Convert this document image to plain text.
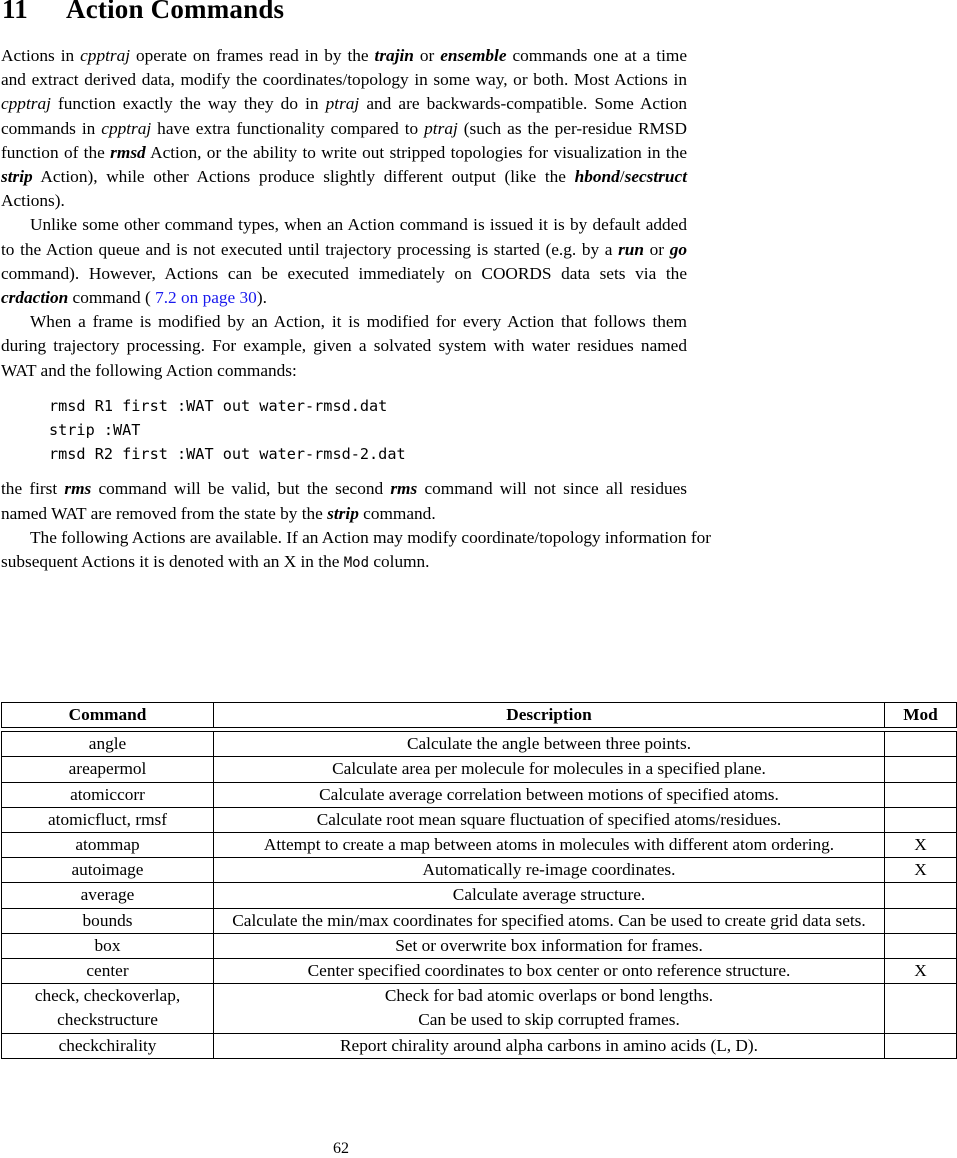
11 Action Commands

Actions in cpptraj operate on frames read in by the trajin or ensemble commands one at a time and extract derived data, modify the coordinates/topology in some way, or both. Most Actions in cpptraj function exactly the way they do in ptraj and are backwards-compatible. Some Action commands in cpptraj have extra functionality compared to ptraj (such as the per-residue RMSD function of the rmsd Action, or the ability to write out stripped topologies for visualization in the strip Action), while other Actions produce slightly different output (like the hbond/secstruct Actions).

Unlike some other command types, when an Action command is issued it is by default added to the Action queue and is not executed until trajectory processing is started (e.g. by a run or go command). However, Actions can be executed immediately on COORDS data sets via the crdaction command ( 7.2 on page 30).

When a frame is modified by an Action, it is modified for every Action that follows them during trajectory processing. For example, given a solvated system with water residues named WAT and the following Action commands:

rmsd R1 first :WAT out water-rmsd.dat
strip :WAT
rmsd R2 first :WAT out water-rmsd-2.dat

the first rms command will be valid, but the second rms command will not since all residues named WAT are removed from the state by the strip command.

The following Actions are available. If an Action may modify coordinate/topology information for subsequent Actions it is denoted with an X in the Mod column.

Command	Description	Mod

angle	Calculate the angle between three points.	
areapermol	Calculate area per molecule for molecules in a specified plane.	
atomiccorr	Calculate average correlation between motions of specified atoms.	
atomicfluct, rmsf	Calculate root mean square fluctuation of specified atoms/residues.	
atommap	Attempt to create a map between atoms in molecules with different atom ordering.	X
autoimage	Automatically re-image coordinates.	X
average	Calculate average structure.	
bounds	Calculate the min/max coordinates for specified atoms. Can be used to create grid data sets.	
box	Set or overwrite box information for frames.	
center	Center specified coordinates to box center or onto reference structure.	X
check, checkoverlap, checkstructure	Check for bad atomic overlaps or bond lengths.
Can be used to skip corrupted frames.	
checkchirality	Report chirality around alpha carbons in amino acids (L, D).	
62
